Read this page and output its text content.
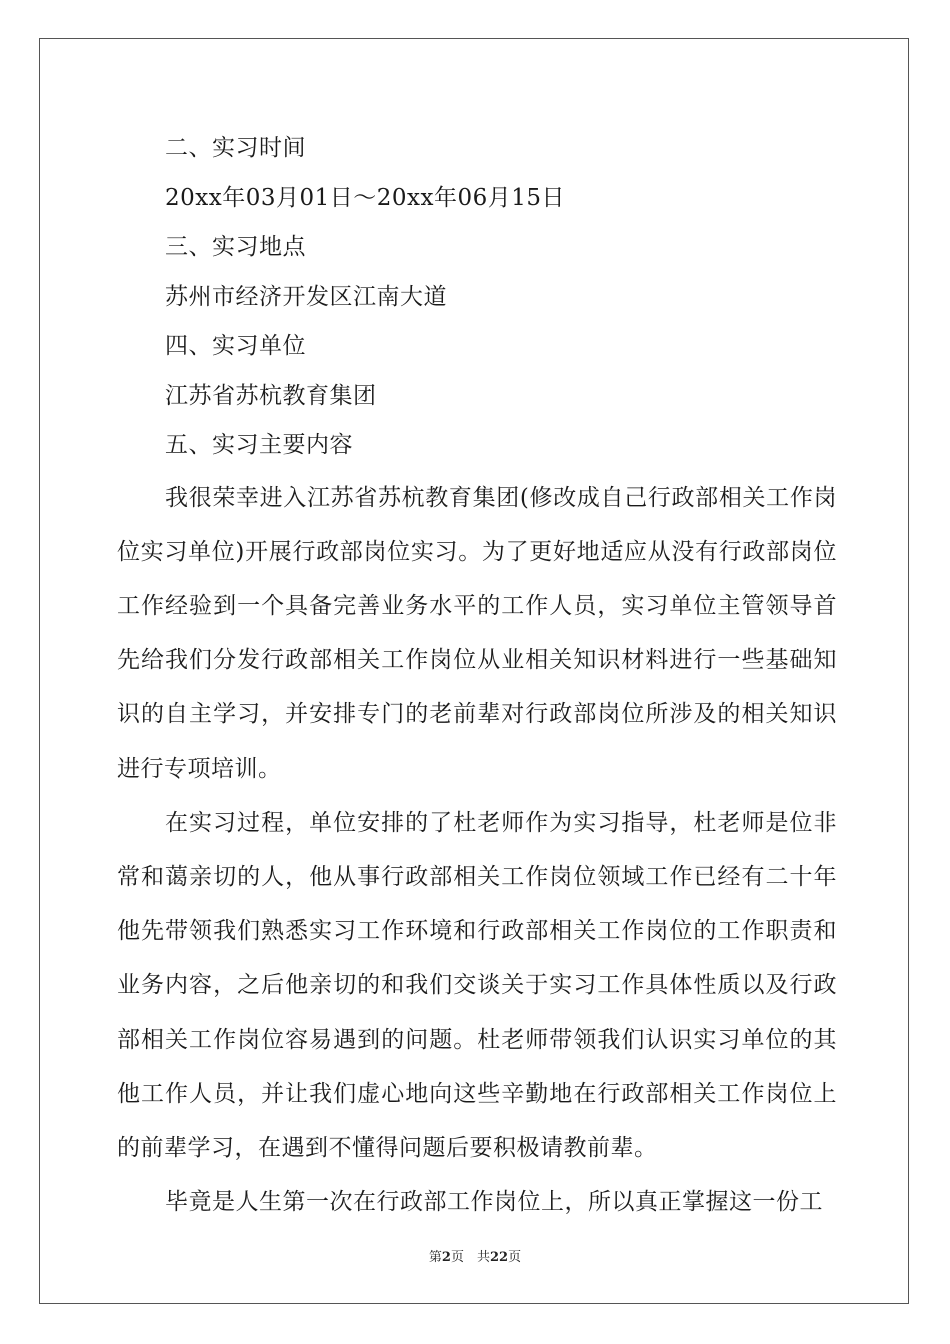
二、实习时间

20xx年03月01日～20xx年06月15日

三、实习地点

苏州市经济开发区江南大道

四、实习单位

江苏省苏杭教育集团

五、实习主要内容

我很荣幸进入江苏省苏杭教育集团(修改成自己行政部相关工作岗位实习单位)开展行政部岗位实习。为了更好地适应从没有行政部岗位工作经验到一个具备完善业务水平的工作人员，实习单位主管领导首先给我们分发行政部相关工作岗位从业相关知识材料进行一些基础知识的自主学习，并安排专门的老前辈对行政部岗位所涉及的相关知识进行专项培训。

在实习过程，单位安排的了杜老师作为实习指导，杜老师是位非常和蔼亲切的人，他从事行政部相关工作岗位领域工作已经有二十年他先带领我们熟悉实习工作环境和行政部相关工作岗位的工作职责和业务内容，之后他亲切的和我们交谈关于实习工作具体性质以及行政部相关工作岗位容易遇到的问题。杜老师带领我们认识实习单位的其他工作人员，并让我们虚心地向这些辛勤地在行政部相关工作岗位上的前辈学习，在遇到不懂得问题后要积极请教前辈。

毕竟是人生第一次在行政部工作岗位上，所以真正掌握这一份工

第2页　共22页
